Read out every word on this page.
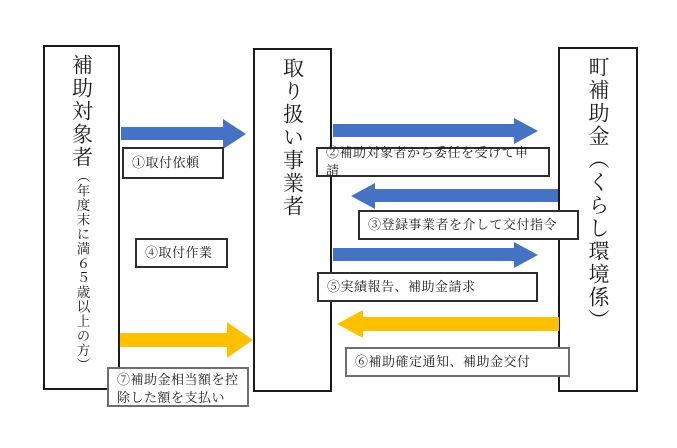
補助対象者（年度末に満６５歳以上の方）
取り扱い事業者	町補助金（くらし環境係）
①取付依頼
②補助対象者から委任を受けて申請
③登録事業者を介して交付指令
④取付作業
⑤実績報告、補助金請求
⑥補助確定通知、補助金交付
⑦補助金相当額を控除した額を支払い
